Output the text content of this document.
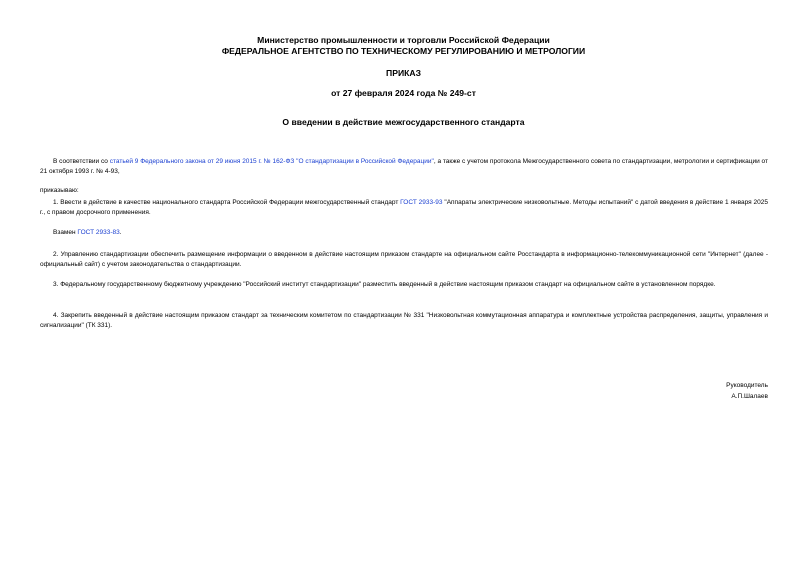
Министерство промышленности и торговли Российской Федерации
ФЕДЕРАЛЬНОЕ АГЕНТСТВО ПО ТЕХНИЧЕСКОМУ РЕГУЛИРОВАНИЮ И МЕТРОЛОГИИ
ПРИКАЗ
от 27 февраля 2024 года № 249-ст
О введении в действие межгосударственного стандарта
В соответствии со статьей 9 Федерального закона от 29 июня 2015 г. № 162-ФЗ "О стандартизации в Российской Федерации", а также с учетом протокола Межгосударственного совета по стандартизации, метрологии и сертификации от 21 октября 1993 г. № 4-93,
приказываю:
1. Ввести в действие в качестве национального стандарта Российской Федерации межгосударственный стандарт ГОСТ 2933-93 "Аппараты электрические низковольтные. Методы испытаний" с датой введения в действие 1 января 2025 г., с правом досрочного применения.
Взамен ГОСТ 2933-83.
2. Управлению стандартизации обеспечить размещение информации о введенном в действие настоящим приказом стандарте на официальном сайте Росстандарта в информационно-телекоммуникационной сети "Интернет" (далее - официальный сайт) с учетом законодательства о стандартизации.
3. Федеральному государственному бюджетному учреждению "Российский институт стандартизации" разместить введенный в действие настоящим приказом стандарт на официальном сайте в установленном порядке.
4. Закрепить введенный в действие настоящим приказом стандарт за техническим комитетом по стандартизации № 331 "Низковольтная коммутационная аппаратура и комплектные устройства распределения, защиты, управления и сигнализации" (ТК 331).
Руководитель
А.П.Шалаев
